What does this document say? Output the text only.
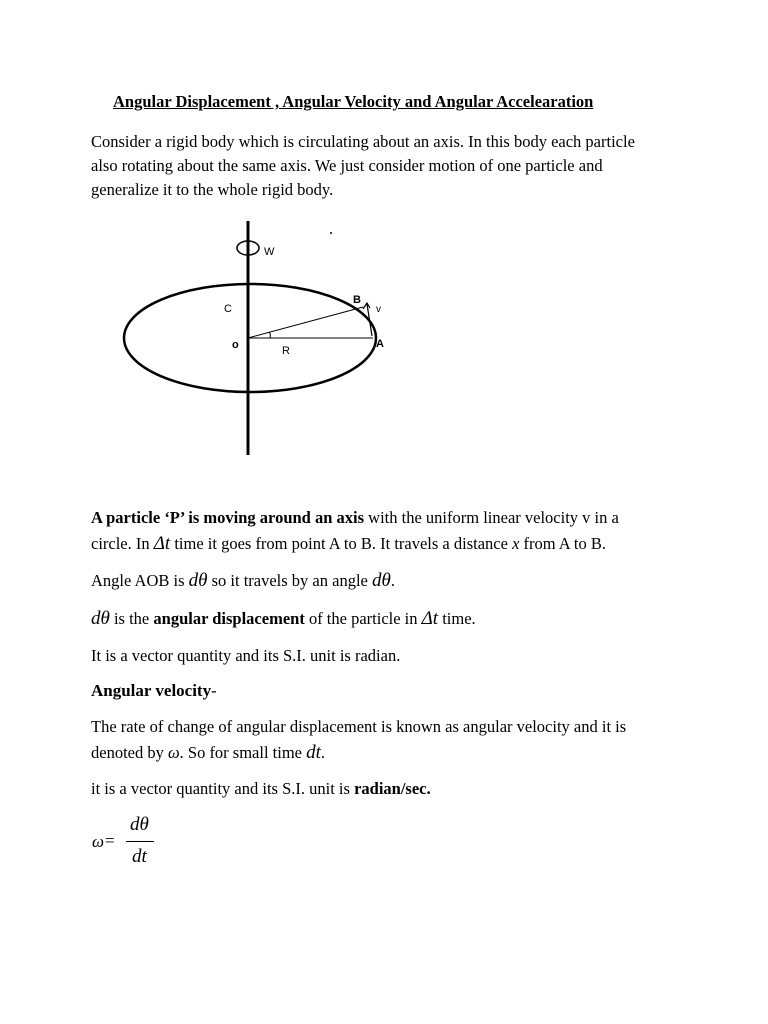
Angular Displacement , Angular Velocity and Angular Accelearation
Consider a rigid body which is circulating about an axis. In this body each particle
also rotating about the same axis. We just consider motion of one particle and
generalize it to the whole rigid body.
W
C
B
v
o	A
R
A particle ‘P’ is moving around an axis with the uniform linear velocity v in a
circle. In Δt time it goes from point A to B. It travels a distance x from A to B.
Angle AOB is dθ so it travels by an angle dθ.
dθ is the angular displacement of the particle in Δt time.
It is a vector quantity and its S.I. unit is radian.
Angular velocity-
The rate of change of angular displacement is known as angular velocity and it is
denoted by ω. So for small time dt.
it is a vector quantity and its S.I. unit is radian/sec.
ω =
dθ
dt
